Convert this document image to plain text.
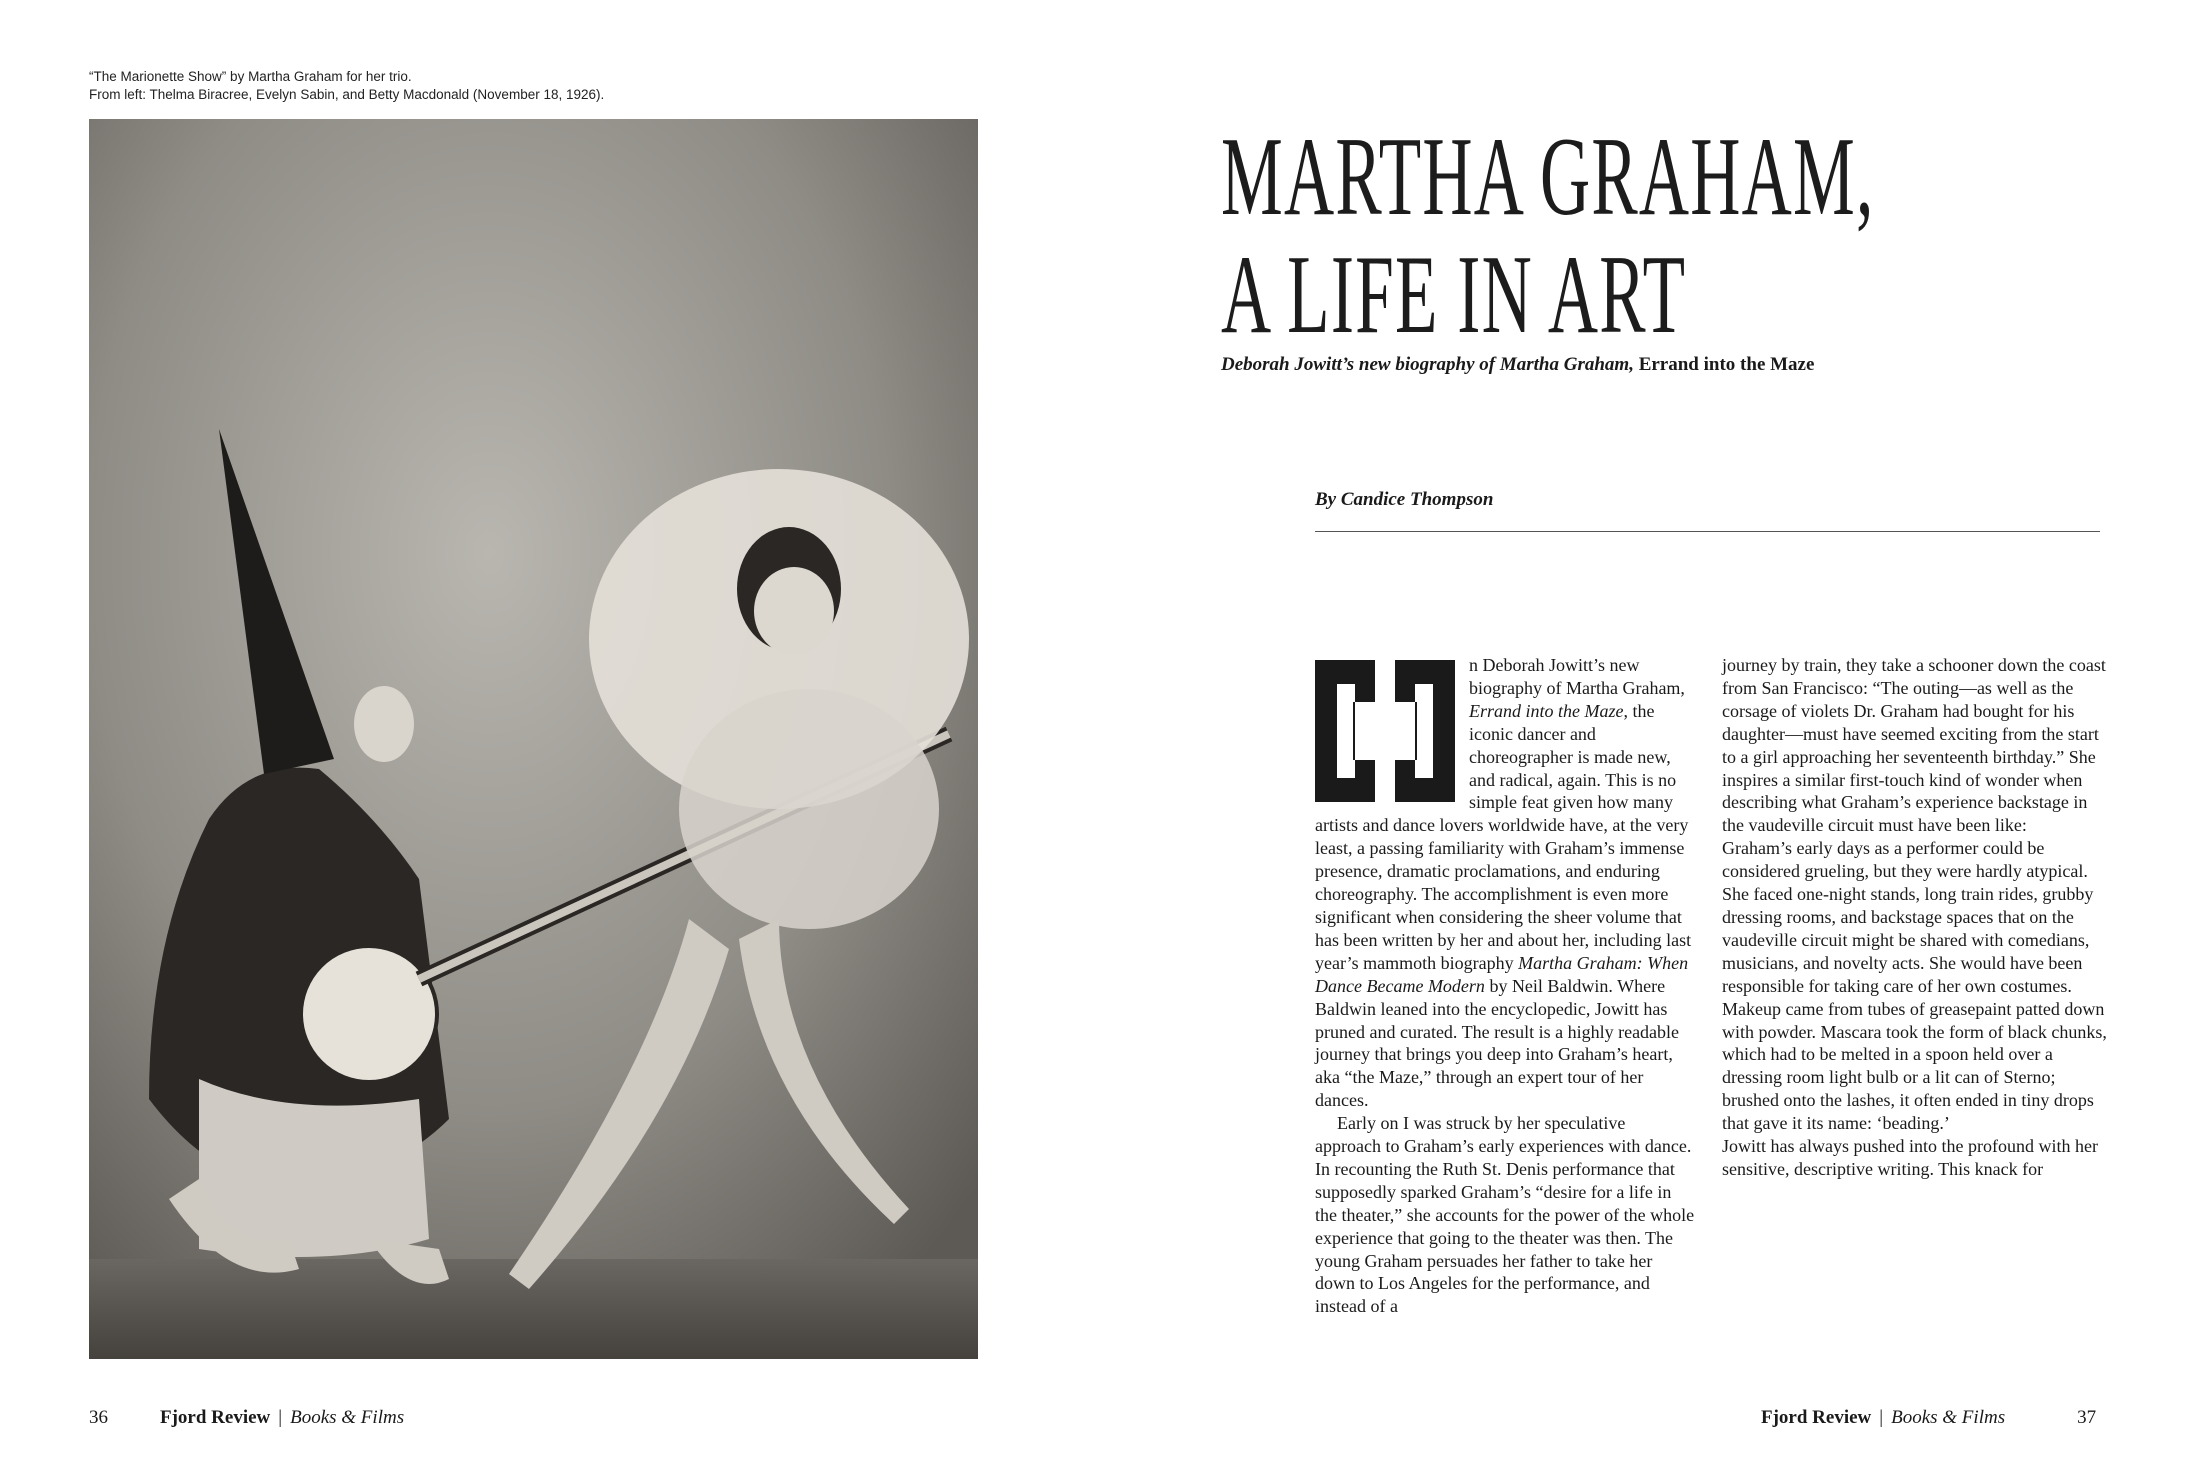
“The Marionette Show” by Martha Graham for her trio.
From left: Thelma Biracree, Evelyn Sabin, and Betty Macdonald (November 18, 1926).
36	Fjord Review | Books & Films
MARTHA GRAHAM,
A LIFE IN ART
Deborah Jowitt’s new biography of Martha Graham, Errand into the Maze
By Candice Thompson

n Deborah Jowitt’s new biography of Martha Graham, Errand into the Maze, the iconic dancer and choreographer is made new, and radical, again. This is no simple feat given how many artists and dance lovers worldwide have, at the very least, a passing familiarity with Graham’s immense presence, dramatic proclamations, and enduring choreography. The accomplishment is even more significant when considering the sheer volume that has been written by her and about her, including last year’s mammoth biography Martha Graham: When Dance Became Modern by Neil Baldwin. Where Baldwin leaned into the encyclopedic, Jowitt has pruned and curated. The result is a highly readable journey that brings you deep into Graham’s heart, aka “the Maze,” through an expert tour of her dances.

Early on I was struck by her speculative approach to Graham’s early experiences with dance. In recounting the Ruth St. Denis performance that supposedly sparked Graham’s “desire for a life in the theater,” she accounts for the power of the whole experience that going to the theater was then. The young Graham persuades her father to take her down to Los Angeles for the performance, and instead of a

journey by train, they take a schooner down the coast from San Francisco: “The outing—as well as the corsage of violets Dr. Graham had bought for his daughter—must have seemed exciting from the start to a girl approaching her seventeenth birthday.” She inspires a similar first-touch kind of wonder when describing what Graham’s experience backstage in the vaudeville circuit must have been like:

Graham’s early days as a performer could be considered grueling, but they were hardly atypical. She faced one-night stands, long train rides, grubby dressing rooms, and backstage spaces that on the vaudeville circuit might be shared with comedians, musicians, and novelty acts. She would have been responsible for taking care of her own costumes. Makeup came from tubes of greasepaint patted down with powder. Mascara took the form of black chunks, which had to be melted in a spoon held over a dressing room light bulb or a lit can of Sterno; brushed onto the lashes, it often ended in tiny drops that gave it its name: ‘beading.’

Jowitt has always pushed into the profound with her sensitive, descriptive writing. This knack for

Fjord Review | Books & Films	37
